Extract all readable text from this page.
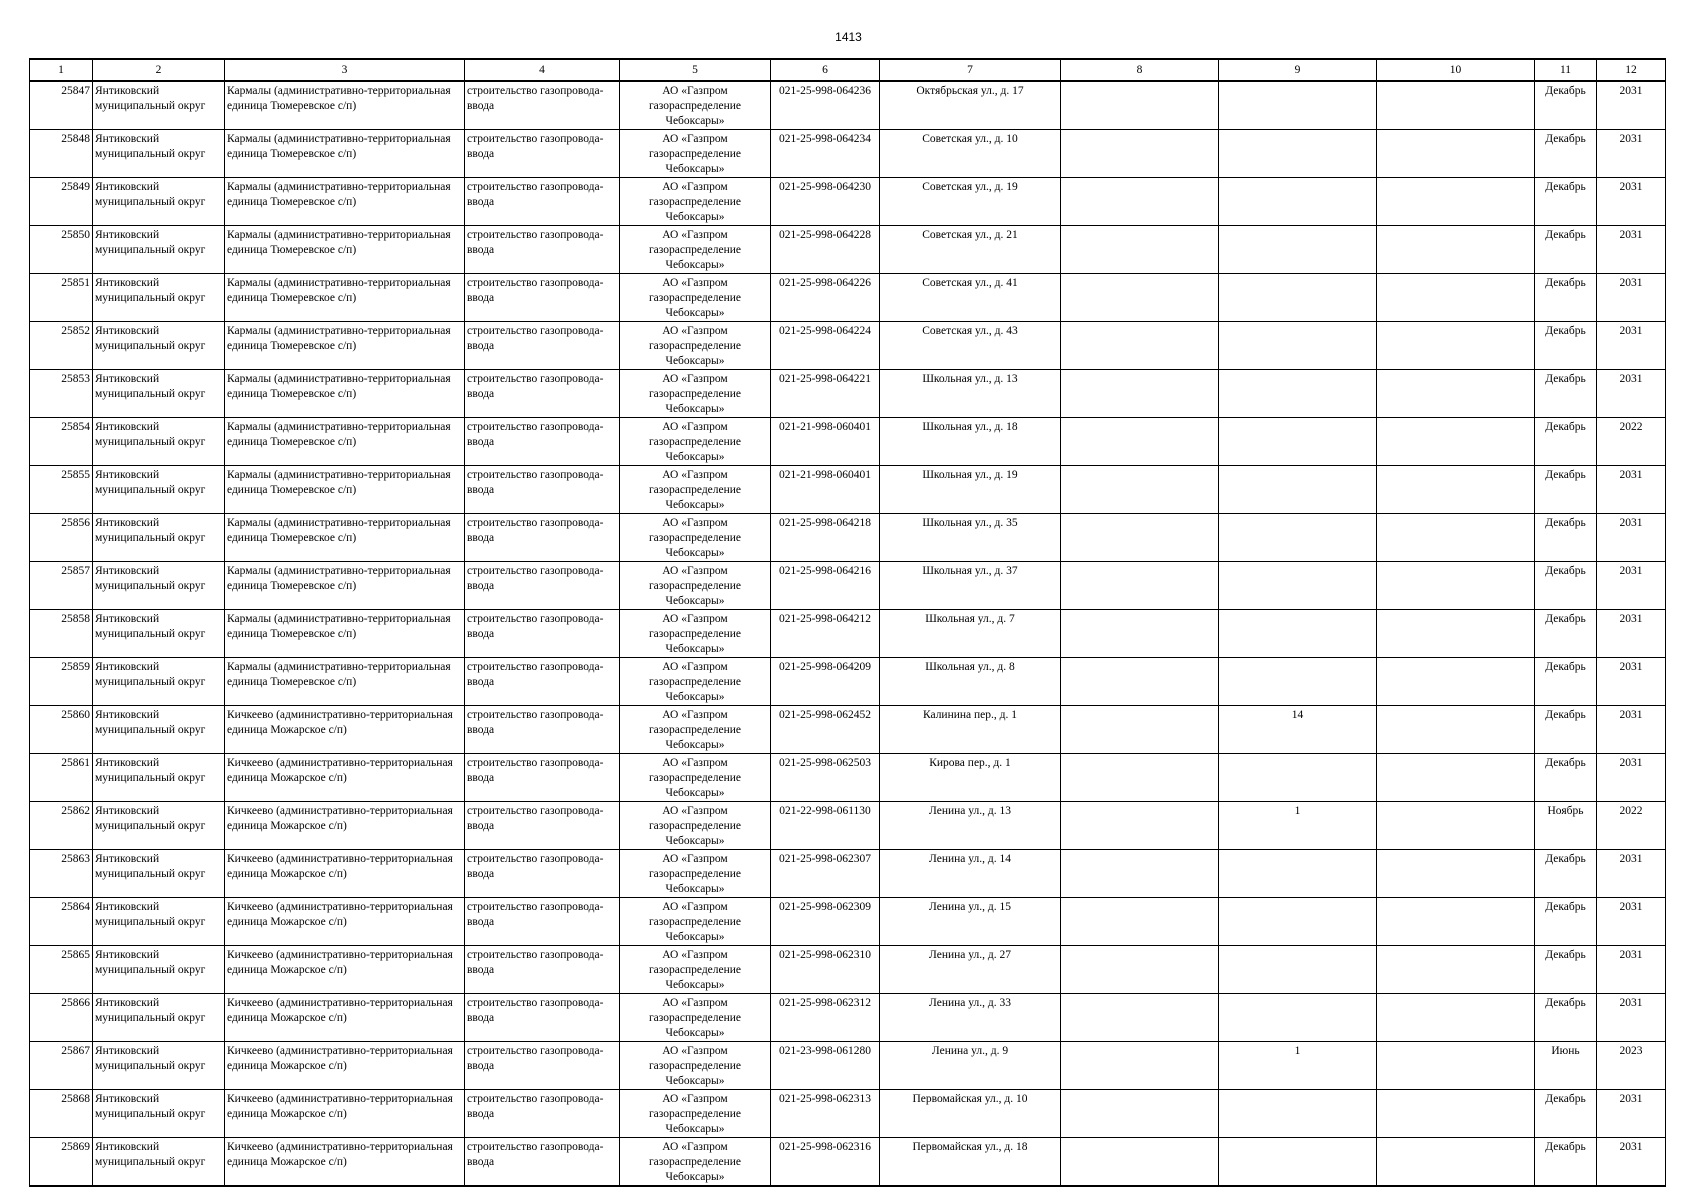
1413
1	2	3	4	5	6	7	8	9	10	11	12
25847	Янтиковский муниципальный округ	Кармалы (административно-территориальная единица Тюмеревское с/п)	строительство газопровода-ввода	АО «Газпром газораспределение Чебоксары»	021-25-998-064236	Октябрьская ул., д. 17				Декабрь	2031
25848	Янтиковский муниципальный округ	Кармалы (административно-территориальная единица Тюмеревское с/п)	строительство газопровода-ввода	АО «Газпром газораспределение Чебоксары»	021-25-998-064234	Советская ул., д. 10				Декабрь	2031
25849	Янтиковский муниципальный округ	Кармалы (административно-территориальная единица Тюмеревское с/п)	строительство газопровода-ввода	АО «Газпром газораспределение Чебоксары»	021-25-998-064230	Советская ул., д. 19				Декабрь	2031
25850	Янтиковский муниципальный округ	Кармалы (административно-территориальная единица Тюмеревское с/п)	строительство газопровода-ввода	АО «Газпром газораспределение Чебоксары»	021-25-998-064228	Советская ул., д. 21				Декабрь	2031
25851	Янтиковский муниципальный округ	Кармалы (административно-территориальная единица Тюмеревское с/п)	строительство газопровода-ввода	АО «Газпром газораспределение Чебоксары»	021-25-998-064226	Советская ул., д. 41				Декабрь	2031
25852	Янтиковский муниципальный округ	Кармалы (административно-территориальная единица Тюмеревское с/п)	строительство газопровода-ввода	АО «Газпром газораспределение Чебоксары»	021-25-998-064224	Советская ул., д. 43				Декабрь	2031
25853	Янтиковский муниципальный округ	Кармалы (административно-территориальная единица Тюмеревское с/п)	строительство газопровода-ввода	АО «Газпром газораспределение Чебоксары»	021-25-998-064221	Школьная ул., д. 13				Декабрь	2031
25854	Янтиковский муниципальный округ	Кармалы (административно-территориальная единица Тюмеревское с/п)	строительство газопровода-ввода	АО «Газпром газораспределение Чебоксары»	021-21-998-060401	Школьная ул., д. 18				Декабрь	2022
25855	Янтиковский муниципальный округ	Кармалы (административно-территориальная единица Тюмеревское с/п)	строительство газопровода-ввода	АО «Газпром газораспределение Чебоксары»	021-21-998-060401	Школьная ул., д. 19				Декабрь	2031
25856	Янтиковский муниципальный округ	Кармалы (административно-территориальная единица Тюмеревское с/п)	строительство газопровода-ввода	АО «Газпром газораспределение Чебоксары»	021-25-998-064218	Школьная ул., д. 35				Декабрь	2031
25857	Янтиковский муниципальный округ	Кармалы (административно-территориальная единица Тюмеревское с/п)	строительство газопровода-ввода	АО «Газпром газораспределение Чебоксары»	021-25-998-064216	Школьная ул., д. 37				Декабрь	2031
25858	Янтиковский муниципальный округ	Кармалы (административно-территориальная единица Тюмеревское с/п)	строительство газопровода-ввода	АО «Газпром газораспределение Чебоксары»	021-25-998-064212	Школьная ул., д. 7				Декабрь	2031
25859	Янтиковский муниципальный округ	Кармалы (административно-территориальная единица Тюмеревское с/п)	строительство газопровода-ввода	АО «Газпром газораспределение Чебоксары»	021-25-998-064209	Школьная ул., д. 8				Декабрь	2031
25860	Янтиковский муниципальный округ	Кичкеево (административно-территориальная единица Можарское с/п)	строительство газопровода-ввода	АО «Газпром газораспределение Чебоксары»	021-25-998-062452	Калинина пер., д. 1		14		Декабрь	2031
25861	Янтиковский муниципальный округ	Кичкеево (административно-территориальная единица Можарское с/п)	строительство газопровода-ввода	АО «Газпром газораспределение Чебоксары»	021-25-998-062503	Кирова пер., д. 1				Декабрь	2031
25862	Янтиковский муниципальный округ	Кичкеево (административно-территориальная единица Можарское с/п)	строительство газопровода-ввода	АО «Газпром газораспределение Чебоксары»	021-22-998-061130	Ленина ул., д. 13		1		Ноябрь	2022
25863	Янтиковский муниципальный округ	Кичкеево (административно-территориальная единица Можарское с/п)	строительство газопровода-ввода	АО «Газпром газораспределение Чебоксары»	021-25-998-062307	Ленина ул., д. 14				Декабрь	2031
25864	Янтиковский муниципальный округ	Кичкеево (административно-территориальная единица Можарское с/п)	строительство газопровода-ввода	АО «Газпром газораспределение Чебоксары»	021-25-998-062309	Ленина ул., д. 15				Декабрь	2031
25865	Янтиковский муниципальный округ	Кичкеево (административно-территориальная единица Можарское с/п)	строительство газопровода-ввода	АО «Газпром газораспределение Чебоксары»	021-25-998-062310	Ленина ул., д. 27				Декабрь	2031
25866	Янтиковский муниципальный округ	Кичкеево (административно-территориальная единица Можарское с/п)	строительство газопровода-ввода	АО «Газпром газораспределение Чебоксары»	021-25-998-062312	Ленина ул., д. 33				Декабрь	2031
25867	Янтиковский муниципальный округ	Кичкеево (административно-территориальная единица Можарское с/п)	строительство газопровода-ввода	АО «Газпром газораспределение Чебоксары»	021-23-998-061280	Ленина ул., д. 9		1		Июнь	2023
25868	Янтиковский муниципальный округ	Кичкеево (административно-территориальная единица Можарское с/п)	строительство газопровода-ввода	АО «Газпром газораспределение Чебоксары»	021-25-998-062313	Первомайская ул., д. 10				Декабрь	2031
25869	Янтиковский муниципальный округ	Кичкеево (административно-территориальная единица Можарское с/п)	строительство газопровода-ввода	АО «Газпром газораспределение Чебоксары»	021-25-998-062316	Первомайская ул., д. 18				Декабрь	2031
